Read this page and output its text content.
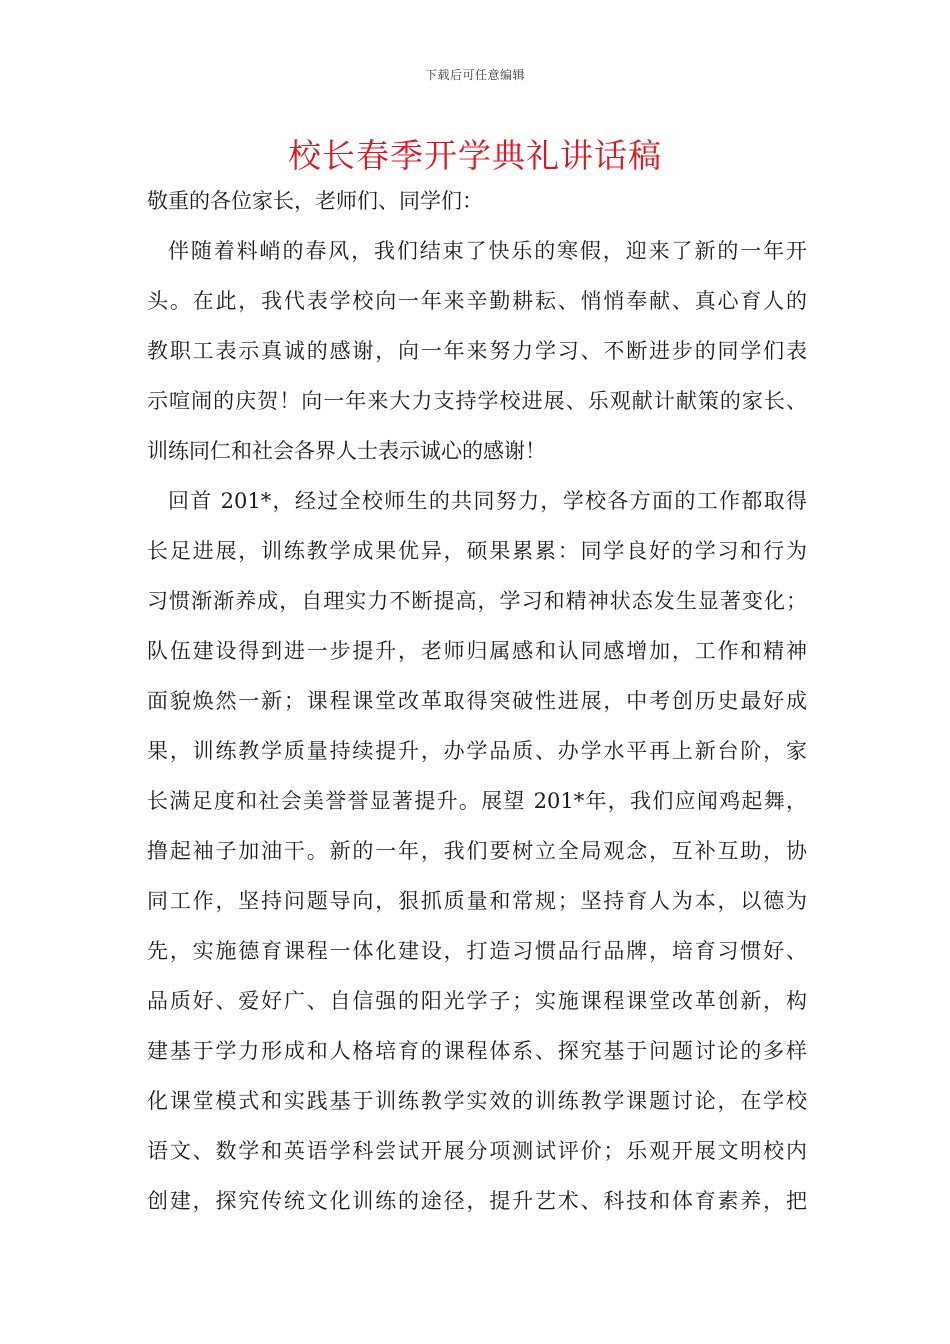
下载后可任意编辑
校长春季开学典礼讲话稿
敬重的各位家长，老师们、同学们：
伴随着料峭的春风，我们结束了快乐的寒假，迎来了新的一年开
头。在此，我代表学校向一年来辛勤耕耘、悄悄奉献、真心育人的
教职工表示真诚的感谢，向一年来努力学习、不断进步的同学们表
示喧闹的庆贺！向一年来大力支持学校进展、乐观献计献策的家长、
训练同仁和社会各界人士表示诚心的感谢！
回首 201*，经过全校师生的共同努力，学校各方面的工作都取得
长足进展，训练教学成果优异，硕果累累：同学良好的学习和行为
习惯渐渐养成，自理实力不断提高，学习和精神状态发生显著变化；
队伍建设得到进一步提升，老师归属感和认同感增加，工作和精神
面貌焕然一新；课程课堂改革取得突破性进展，中考创历史最好成
果，训练教学质量持续提升，办学品质、办学水平再上新台阶，家
长满足度和社会美誉誉显著提升。展望 201*年，我们应闻鸡起舞，
撸起袖子加油干。新的一年，我们要树立全局观念，互补互助，协
同工作，坚持问题导向，狠抓质量和常规；坚持育人为本，以德为
先，实施德育课程一体化建设，打造习惯品行品牌，培育习惯好、
品质好、爱好广、自信强的阳光学子；实施课程课堂改革创新，构
建基于学力形成和人格培育的课程体系、探究基于问题讨论的多样
化课堂模式和实践基于训练教学实效的训练教学课题讨论，在学校
语文、数学和英语学科尝试开展分项测试评价；乐观开展文明校内
创建，探究传统文化训练的途径，提升艺术、科技和体育素养，把
